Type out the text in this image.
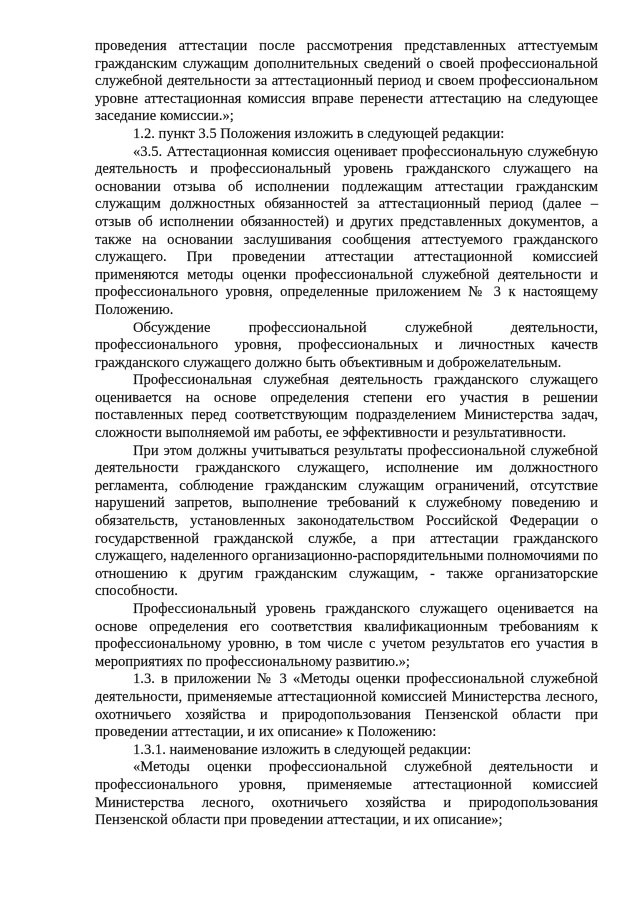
проведения аттестации после рассмотрения представленных аттестуемым гражданским служащим дополнительных сведений о своей профессиональной служебной деятельности за аттестационный период и своем профессиональном уровне аттестационная комиссия вправе перенести аттестацию на следующее заседание комиссии.»;

1.2. пункт 3.5 Положения изложить в следующей редакции:

«3.5. Аттестационная комиссия оценивает профессиональную служебную деятельность и профессиональный уровень гражданского служащего на основании отзыва об исполнении подлежащим аттестации гражданским служащим должностных обязанностей за аттестационный период (далее – отзыв об исполнении обязанностей) и других представленных документов, а также на основании заслушивания сообщения аттестуемого гражданского служащего. При проведении аттестации аттестационной комиссией применяются методы оценки профессиональной служебной деятельности и профессионального уровня, определенные приложением № 3 к настоящему Положению.

Обсуждение профессиональной служебной деятельности, профессионального уровня, профессиональных и личностных качеств гражданского служащего должно быть объективным и доброжелательным.

Профессиональная служебная деятельность гражданского служащего оценивается на основе определения степени его участия в решении поставленных перед соответствующим подразделением Министерства задач, сложности выполняемой им работы, ее эффективности и результативности.

При этом должны учитываться результаты профессиональной служебной деятельности гражданского служащего, исполнение им должностного регламента, соблюдение гражданским служащим ограничений, отсутствие нарушений запретов, выполнение требований к служебному поведению и обязательств, установленных законодательством Российской Федерации о государственной гражданской службе, а при аттестации гражданского служащего, наделенного организационно-распорядительными полномочиями по отношению к другим гражданским служащим, - также организаторские способности.

Профессиональный уровень гражданского служащего оценивается на основе определения его соответствия квалификационным требованиям к профессиональному уровню, в том числе с учетом результатов его участия в мероприятиях по профессиональному развитию.»;

1.3. в приложении № 3 «Методы оценки профессиональной служебной деятельности, применяемые аттестационной комиссией Министерства лесного, охотничьего хозяйства и природопользования Пензенской области при проведении аттестации, и их описание» к Положению:

1.3.1. наименование изложить в следующей редакции:

«Методы оценки профессиональной служебной деятельности и профессионального уровня, применяемые аттестационной комиссией Министерства лесного, охотничьего хозяйства и природопользования Пензенской области при проведении аттестации, и их описание»;
